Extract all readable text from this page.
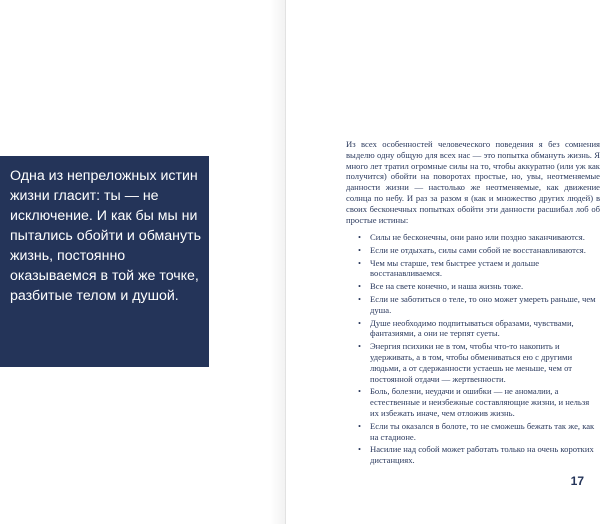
Одна из непреложных истин жизни гласит: ты — не исключение. И как бы мы ни пытались обойти и обмануть жизнь, постоянно оказываемся в той же точке, разбитые телом и душой.

Из всех особенностей человеческого поведения я без сомнения выделю одну общую для всех нас — это попытка обмануть жизнь. Я много лет тратил огромные силы на то, чтобы аккуратно (или уж как получится) обойти на поворотах простые, но, увы, неотменяемые данности жизни — настолько же неотменяемые, как движение солнца по небу. И раз за разом я (как и множество других людей) в своих бесконечных попытках обойти эти данности расшибал лоб об простые истины:

• Силы не бесконечны, они рано или поздно заканчиваются.
• Если не отдыхать, силы сами собой не восстанавливаются.
• Чем мы старше, тем быстрее устаем и дольше восстанавливаемся.
• Все на свете конечно, и наша жизнь тоже.
• Если не заботиться о теле, то оно может умереть раньше, чем душа.
• Душе необходимо подпитываться образами, чувствами, фантазиями, а они не терпят суеты.
• Энергия психики не в том, чтобы что-то накопить и удерживать, а в том, чтобы обмениваться ею с другими людьми, а от сдержанности устаешь не меньше, чем от постоянной отдачи — жертвенности.
• Боль, болезни, неудачи и ошибки — не аномалии, а естественные и неизбежные составляющие жизни, и нельзя их избежать иначе, чем отложив жизнь.
• Если ты оказался в болоте, то не сможешь бежать так же, как на стадионе.
• Насилие над собой может работать только на очень коротких дистанциях.
17
